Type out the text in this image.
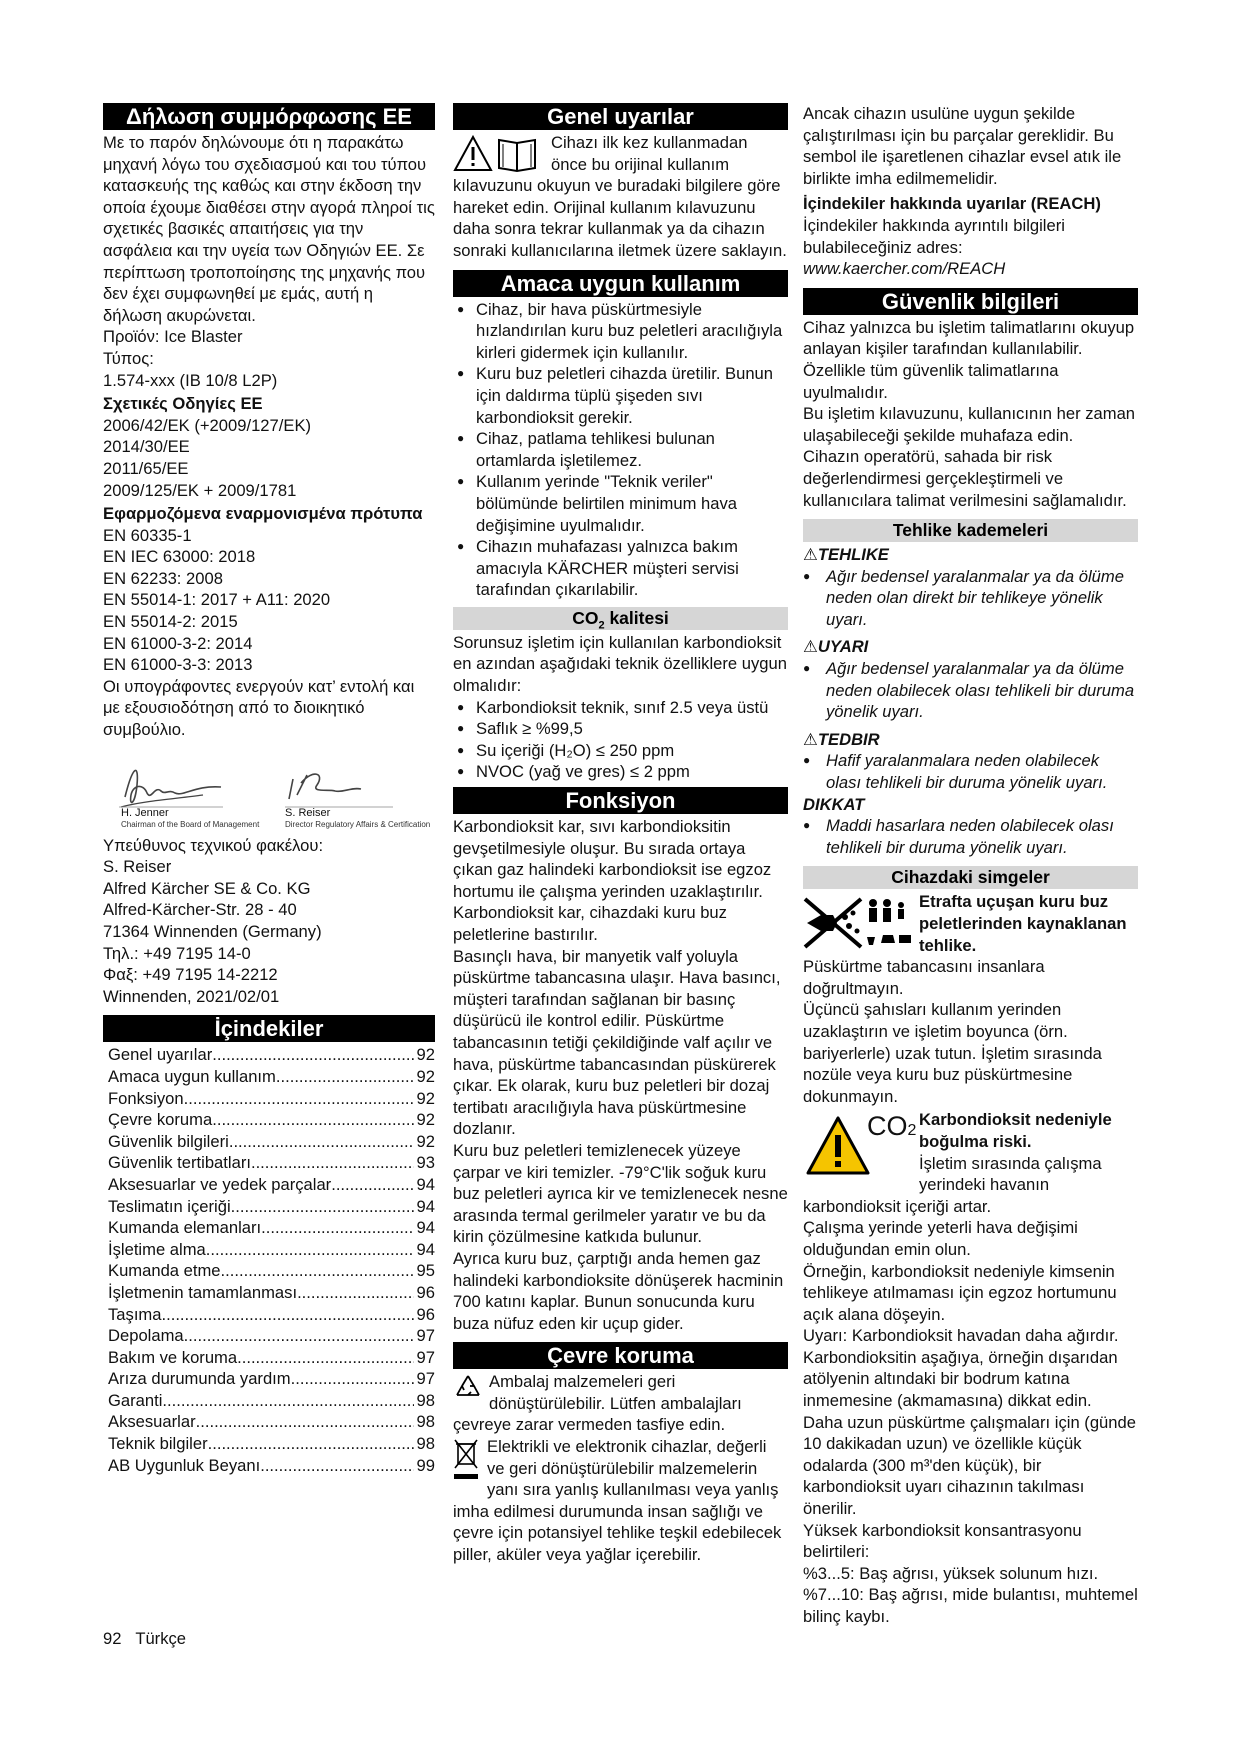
Δήλωση συμμόρφωσης ΕΕ

Με το παρόν δηλώνουμε ότι η παρακάτω μηχανή λόγω του σχεδιασμού και του τύπου κατασκευής της καθώς και στην έκδοση την οποία έχουμε διαθέσει στην αγορά πληροί τις σχετικές βασικές απαιτήσεις για την ασφάλεια και την υγεία των Οδηγιών ΕΕ. Σε περίπτωση τροποποίησης της μηχανής που δεν έχει συμφωνηθεί με εμάς, αυτή η δήλωση ακυρώνεται.

Προϊόν: Ice Blaster

Τύπος:

1.574-xxx (IB 10/8 L2P)

Σχετικές Οδηγίες ΕΕ

2006/42/EK (+2009/127/EK)

2014/30/EE

2011/65/EE

2009/125/EK + 2009/1781

Εφαρμοζόμενα εναρμονισμένα πρότυπα

EN 60335-1

EN IEC 63000: 2018

EN 62233: 2008

EN 55014-1: 2017 + A11: 2020

EN 55014-2: 2015

EN 61000-3-2: 2014

EN 61000-3-3: 2013

Οι υπογράφοντες ενεργούν κατ’ εντολή και με εξουσιοδότηση από το διοικητικό συμβούλιο.

H. Jenner
Chairman of the Board of Management
S. Reiser
Director Regulatory Affairs & Certification

Υπεύθυνος τεχνικού φακέλου:

S. Reiser

Alfred Kärcher SE & Co. KG

Alfred-Kärcher-Str. 28 - 40

71364 Winnenden (Germany)

Τηλ.: +49 7195 14-0

Φαξ: +49 7195 14-2212

Winnenden, 2021/02/01

İçindekiler
Genel uyarılar .....	92
Amaca uygun kullanım .....	92
Fonksiyon .....	92
Çevre koruma .....	92
Güvenlik bilgileri .....	92
Güvenlik tertibatları .....	93
Aksesuarlar ve yedek parçalar .....	94
Teslimatın içeriği .....	94
Kumanda elemanları .....	94
İşletime alma .....	94
Kumanda etme .....	95
İşletmenin tamamlanması .....	96
Taşıma .....	96
Depolama .....	97
Bakım ve koruma .....	97
Arıza durumunda yardım .....	97
Garanti .....	98
Aksesuarlar .....	98
Teknik bilgiler .....	98
AB Uygunluk Beyanı .....	99
Genel uyarılar

Cihazı ilk kez kullanmadan önce bu orijinal kullanım kılavuzunu okuyun ve buradaki bilgilere göre hareket edin. Orijinal kullanım kılavuzunu daha sonra tekrar kullanmak ya da cihazın sonraki kullanıcılarına iletmek üzere saklayın.

Amaca uygun kullanım
● Cihaz, bir hava püskürtmesiyle hızlandırılan kuru buz peletleri aracılığıyla kirleri gidermek için kullanılır.
● Kuru buz peletleri cihazda üretilir. Bunun için daldırma tüplü şişeden sıvı karbondioksit gerekir.
● Cihaz, patlama tehlikesi bulunan ortamlarda işletilemez.
● Kullanım yerinde "Teknik veriler" bölümünde belirtilen minimum hava değişimine uyulmalıdır.
● Cihazın muhafazası yalnızca bakım amacıyla KÄRCHER müşteri servisi tarafından çıkarılabilir.
$CO_2$ kalitesi

Sorunsuz işletim için kullanılan karbondioksit en azından aşağıdaki teknik özelliklere uygun olmalıdır:

● Karbondioksit teknik, sınıf 2.5 veya üstü
● Saflık ≥ %99,5
● Su içeriği (H₂O) ≤ 250 ppm
● NVOC (yağ ve gres) ≤ 2 ppm
Fonksiyon

Karbondioksit kar, sıvı karbondioksitin gevşetilmesiyle oluşur. Bu sırada ortaya çıkan gaz halindeki karbondioksit ise egzoz hortumu ile çalışma yerinden uzaklaştırılır.

Karbondioksit kar, cihazdaki kuru buz peletlerine bastırılır.

Basınçlı hava, bir manyetik valf yoluyla püskürtme tabancasına ulaşır. Hava basıncı, müşteri tarafından sağlanan bir basınç düşürücü ile kontrol edilir. Püskürtme tabancasının tetiği çekildiğinde valf açılır ve hava, püskürtme tabancasından püskürerek çıkar. Ek olarak, kuru buz peletleri bir dozaj tertibatı aracılığıyla hava püskürtmesine dozlanır.

Kuru buz peletleri temizlenecek yüzeye çarpar ve kiri temizler. -79°C'lik soğuk kuru buz peletleri ayrıca kir ve temizlenecek nesne arasında termal gerilmeler yaratır ve bu da kirin çözülmesine katkıda bulunur.

Ayrıca kuru buz, çarptığı anda hemen gaz halindeki karbondioksite dönüşerek hacminin 700 katını kaplar. Bunun sonucunda kuru buza nüfuz eden kir uçup gider.

Çevre koruma

Ambalaj malzemeleri geri dönüştürülebilir. Lütfen ambalajları çevreye zarar vermeden tasfiye edin.

Elektrikli ve elektronik cihazlar, değerli ve geri dönüştürülebilir malzemelerin yanı sıra yanlış kullanılması veya yanlış imha edilmesi durumunda insan sağlığı ve çevre için potansiyel tehlike teşkil edebilecek piller, aküler veya yağlar içerebilir.

Ancak cihazın usulüne uygun şekilde çalıştırılması için bu parçalar gereklidir. Bu sembol ile işaretlenen cihazlar evsel atık ile birlikte imha edilmemelidir.

İçindekiler hakkında uyarılar (REACH)

İçindekiler hakkında ayrıntılı bilgileri bulabileceğiniz adres: www.kaercher.com/REACH

Güvenlik bilgileri

Cihaz yalnızca bu işletim talimatlarını okuyup anlayan kişiler tarafından kullanılabilir. Özellikle tüm güvenlik talimatlarına uyulmalıdır.

Bu işletim kılavuzunu, kullanıcının her zaman ulaşabileceği şekilde muhafaza edin.

Cihazın operatörü, sahada bir risk değerlendirmesi gerçekleştirmeli ve kullanıcılara talimat verilmesini sağlamalıdır.

Tehlike kademeleri

⚠TEHLIKE

● Ağır bedensel yaralanmalar ya da ölüme neden olan direkt bir tehlikeye yönelik uyarı.

⚠UYARI

● Ağır bedensel yaralanmalar ya da ölüme neden olabilecek olası tehlikeli bir duruma yönelik uyarı.

⚠TEDBIR

● Hafif yaralanmalara neden olabilecek olası tehlikeli bir duruma yönelik uyarı.

DIKKAT

● Maddi hasarlara neden olabilecek olası tehlikeli bir duruma yönelik uyarı.
Cihazdaki simgeler

Etrafta uçuşan kuru buz peletlerinden kaynaklanan tehlike.

Püskürtme tabancasını insanlara doğrultmayın.

Üçüncü şahısları kullanım yerinden uzaklaştırın ve işletim boyunca (örn. bariyerlerle) uzak tutun. İşletim sırasında nozüle veya kuru buz püskürtmesine dokunmayın.

CO2

Karbondioksit nedeniyle boğulma riski.

İşletim sırasında çalışma yerindeki havanın karbondioksit içeriği artar.

Çalışma yerinde yeterli hava değişimi olduğundan emin olun.

Örneğin, karbondioksit nedeniyle kimsenin tehlikeye atılmaması için egzoz hortumunu açık alana döşeyin.

Uyarı: Karbondioksit havadan daha ağırdır. Karbondioksitin aşağıya, örneğin dışarıdan atölyenin altındaki bir bodrum katına inmemesine (akmamasına) dikkat edin.

Daha uzun püskürtme çalışmaları için (günde 10 dakikadan uzun) ve özellikle küçük odalarda (300 m³'den küçük), bir karbondioksit uyarı cihazının takılması önerilir.

Yüksek karbondioksit konsantrasyonu belirtileri:

%3...5: Baş ağrısı, yüksek solunum hızı.

%7...10: Baş ağrısı, mide bulantısı, muhtemel bilinç kaybı.

92 Türkçe
